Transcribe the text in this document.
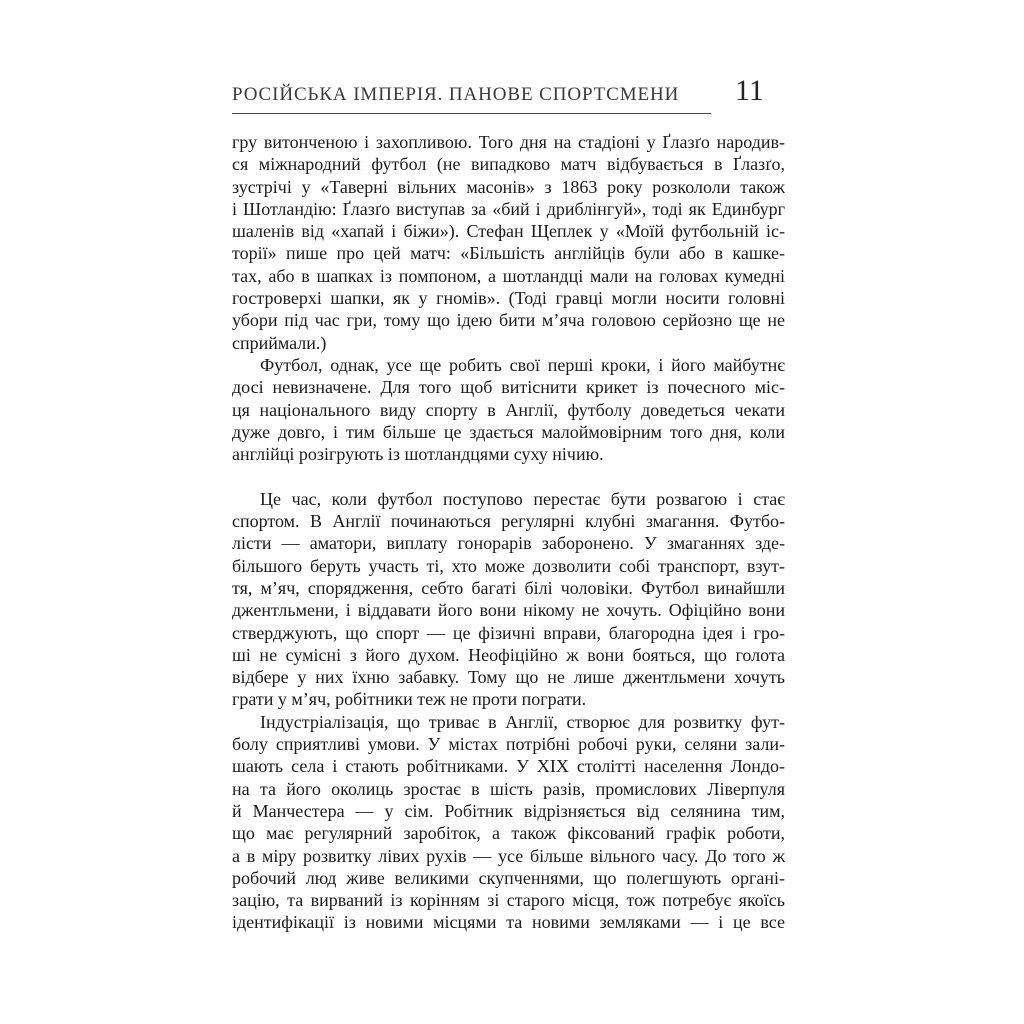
РОСІЙСЬКА ІМПЕРІЯ. ПАНОВЕ СПОРТСМЕНИ	11
гру витонченою і захопливою. Того дня на стадіоні у Ґлазґо народив-
ся міжнародний футбол (не випадково матч відбувається в Ґлазґо,
зустрічі у «Таверні вільних масонів» з 1863 року розкололи також
і Шотландію: Ґлазґо виступав за «бий і дриблінгуй», тоді як Единбург
шаленів від «хапай і біжи»). Стефан Щеплек у «Моїй футбольній іс-
торії» пише про цей матч: «Більшість англійців були або в кашке-
тах, або в шапках із помпоном, а шотландці мали на головах кумедні
гостроверхі шапки, як у гномів». (Тоді гравці могли носити головні
убори під час гри, тому що ідею бити м’яча головою серйозно ще не
сприймали.)
Футбол, однак, усе ще робить свої перші кроки, і його майбутнє
досі невизначене. Для того щоб витіснити крикет із почесного міс-
ця національного виду спорту в Англії, футболу доведеться чекати
дуже довго, і тим більше це здається малоймовірним того дня, коли
англійці розігрують із шотландцями суху нічию.
Це час, коли футбол поступово перестає бути розвагою і стає
спортом. В Англії починаються регулярні клубні змагання. Футбо-
лісти — аматори, виплату гонорарів заборонено. У змаганнях зде-
більшого беруть участь ті, хто може дозволити собі транспорт, взут-
тя, м’яч, спорядження, себто багаті білі чоловіки. Футбол винайшли
джентльмени, і віддавати його вони нікому не хочуть. Офіційно вони
стверджують, що спорт — це фізичні вправи, благородна ідея і гро-
ші не сумісні з його духом. Неофіційно ж вони бояться, що голота
відбере у них їхню забавку. Тому що не лише джентльмени хочуть
грати у м’яч, робітники теж не проти пограти.
Індустріалізація, що триває в Англії, створює для розвитку фут-
болу сприятливі умови. У містах потрібні робочі руки, селяни зали-
шають села і стають робітниками. У XIX столітті населення Лондо-
на та його околиць зростає в шість разів, промислових Ліверпуля
й Манчестера — у сім. Робітник відрізняється від селянина тим,
що має регулярний заробіток, а також фіксований графік роботи,
а в міру розвитку лівих рухів — усе більше вільного часу. До того ж
робочий люд живе великими скупченнями, що полегшують органі-
зацію, та вирваний із корінням зі старого місця, тож потребує якоїсь
ідентифікації із новими місцями та новими земляками — і це все
